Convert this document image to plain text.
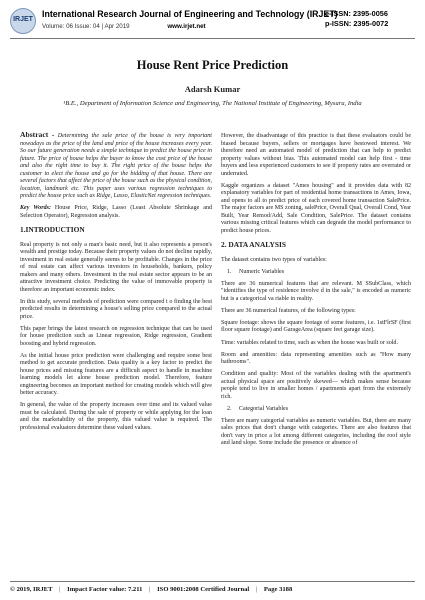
IRJET
International Research Journal of Engineering and Technology (IRJET)
Volume: 06 Issue: 04 | Apr 2019	www.irjet.net
e-ISSN: 2395-0056
p-ISSN: 2395-0072
House Rent Price Prediction
Adarsh Kumar
¹B.E., Department of Information Science and Engineering, The National Institute of Engineering, Mysuru, India

Abstract - Determining the sale price of the house is very important nowadays as the price of the land and price of the house increases every year. So our future generation needs a simple technique to predict the house price in future. The price of house helps the buyer to know the cost price of the house and also the right time to buy it. The right price of the house helps the customer to elect the house and go for the bidding of that house. There are several factors that affect the price of the house such as the physical condition, location, landmark etc. This paper uses various regression techniques to predict the house price such as Ridge, Lasso, ElasticNet regression techniques.

Key Words: House Price, Ridge, Lasso (Least Absolute Shrinkage and Selection Operator), Regression analysis.

1.INTRODUCTION

Real property is not only a man's basic need, but it also represents a person's wealth and prestige today. Because their property values do not decline rapidly, investment in real estate generally seems to be profitable. Changes in the price of real estate can affect various investors in households, bankers, policy makers and many others. Investment in the real estate sector appears to be an attractive investment choice. Predicting the value of immovable property is therefore an important economic index.

In this study, several methods of prediction were compared t o finding the best predicted results in determining a house's selling price compared to the actual price.

This paper brings the latest research on regression technique that can be used for house prediction such as Linear regression, Ridge regression, Gradient boosting and hybrid regression.

As the initial house price prediction were challenging and require some best method to get accurate prediction. Data quality is a key factor to predict the house prices and missing features are a difficult aspect to handle in machine learning models let alone house prediction model. Therefore, feature engineering becomes an important method for creating models which will give better accuracy.

In general, the value of the property increases over time and its valued value must be calculated. During the sale of property or while applying for the loan and the marketability of the property, this valued value is required. The professional evaluators determine these valued values.

However, the disadvantage of this practice is that these evaluators could be biased because buyers, sellers or mortgages have bestowed interest. We therefore need an automated model of prediction that can help to predict property values without bias. This automated model can help first - time buyers and less experienced customers to see if property rates are overrated or underrated.

Kaggle organizes a dataset "Ames housing" and it provides data with 82 explanatory variables for part of residential home transactions in Ames, Iowa, and opens to all to predict price of each covered home transaction SalePrice. The major factors are MS zoning, salePrice, Overall Qual, Overall Cond, Year Built, Year Remod/Add, Sale Condition, SalePrice. The dataset contains various missing critical features which can degrade the model performance to predict house prices.

2. DATA ANALYSIS

The dataset contains two types of variables:

1. Numeric Variables

There are 36 numerical features that are relevant. M SSubClass, which "identifies the type of residence involve d in the sale," is encoded as numeric but is a categorical va riable in reality.

There are 36 numerical features, of the following types:

Square footage: shows the square footage of some features, i.e. 1stFlrSF (first floor square footage) and GarageArea (square feet garage size).

Time: variables related to time, such as when the house was built or sold.

Room and amenities: data representing amenities such as "How many bathrooms".

Condition and quality: Most of the variables dealing with the apartment's actual physical space are positively skewed— which makes sense because people tend to live in smaller homes / apartments apart from the extremely rich.

2. Categorial Variables

There are many categorial variables as numeric variables. But, there are many sales prices that don't change with categories. There are also features that don't vary in price a lot among different categories, including the roof style and land slope. Some include the presence or absence of

© 2019, IRJET | Impact Factor value: 7.211 | ISO 9001:2008 Certified Journal | Page 3188
